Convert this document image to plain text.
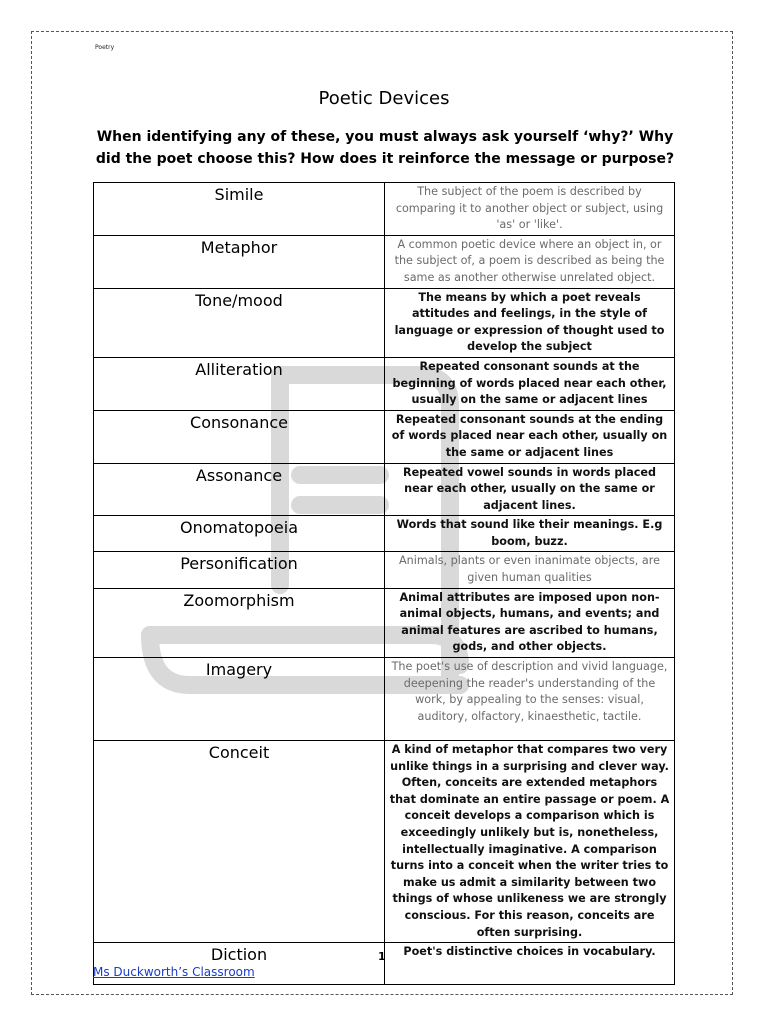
Poetry
Poetic Devices
When identifying any of these, you must always ask yourself ‘why?’ Why did the poet choose this? How does it reinforce the message or purpose?
Simile	The subject of the poem is described by comparing it to another object or subject, using 'as' or 'like'.
Metaphor	A common poetic device where an object in, or the subject of, a poem is described as being the same as another otherwise unrelated object.
Tone/mood	The means by which a poet reveals attitudes and feelings, in the style of language or expression of thought used to develop the subject
Alliteration	Repeated consonant sounds at the beginning of words placed near each other, usually on the same or adjacent lines
Consonance	Repeated consonant sounds at the ending of words placed near each other, usually on the same or adjacent lines
Assonance	Repeated vowel sounds in words placed near each other, usually on the same or adjacent lines.
Onomatopoeia	Words that sound like their meanings. E.g boom, buzz.
Personification	Animals, plants or even inanimate objects, are given human qualities
Zoomorphism	Animal attributes are imposed upon non-animal objects, humans, and events; and animal features are ascribed to humans, gods, and other objects.
Imagery	The poet's use of description and vivid language, deepening the reader's understanding of the work, by appealing to the senses: visual, auditory, olfactory, kinaesthetic, tactile.
Conceit	A kind of metaphor that compares two very unlike things in a surprising and clever way. Often, conceits are extended metaphors that dominate an entire passage or poem. A conceit develops a comparison which is exceedingly unlikely but is, nonetheless, intellectually imaginative. A comparison turns into a conceit when the writer tries to make us admit a similarity between two things of whose unlikeness we are strongly conscious. For this reason, conceits are often surprising.
Diction	Poet's distinctive choices in vocabulary.
1
Ms Duckworth’s Classroom
